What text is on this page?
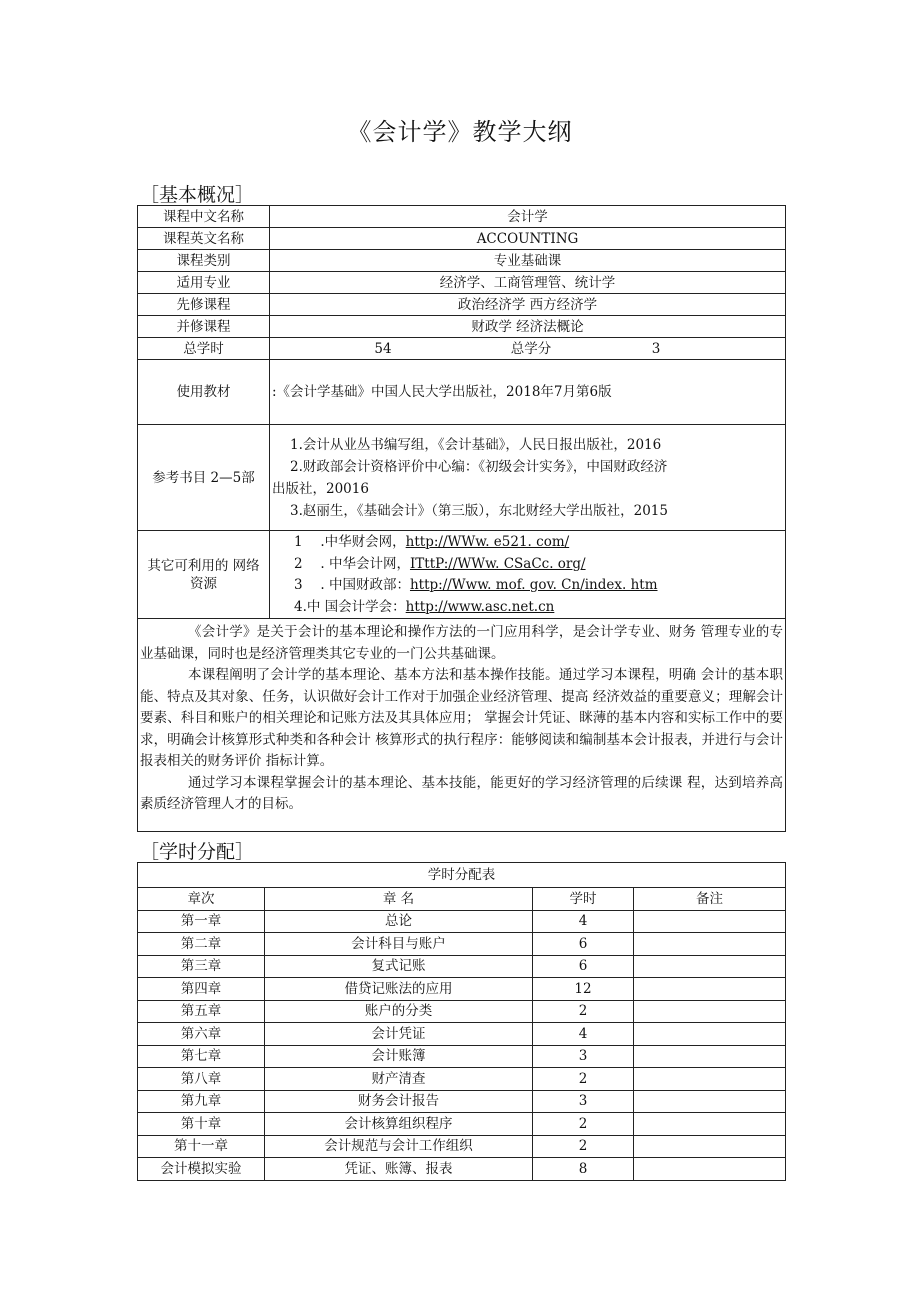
《会计学》教学大纲
［基本概况］
课程中文名称	会计学
课程英文名称	ACCOUNTING
课程类别	专业基础课
适用专业	经济学、工商管理管、统计学
先修课程	政治经济学 西方经济学
并修课程	财政学 经济法概论
总学时	54 总学分 3

使用教材	:《会计学基础》中国人民大学出版社，2018年7月第6版
参考书目 2—5部	1.会计从业丛书编写组，《会计基础》，人民日报出版社，2016
2.财政部会计资格评价中心编：《初级会计实务》，中国财政经济
出版社，20016
3.赵丽生，《基础会计》（第三版），东北财经大学出版社，2015

其它可利用的 网络资源	1 　.中华财会网，http://WWw. e521. com/
2 　. 中华会计网，ITttP://WWw. CSaCc. org/
3 　. 中国财政部：http://Www. mof. gov. Cn/index. htm
4.中 国会计学会：http://www.asc.net.cn

《会计学》是关于会计的基本理论和操作方法的一门应用科学，是会计学专业、财务 管理专业的专业基础课，同时也是经济管理类其它专业的一门公共基础课。

本课程阐明了会计学的基本理论、基本方法和基本操作技能。通过学习本课程，明确 会计的基本职能、特点及其对象、任务，认识做好会计工作对于加强企业经济管理、提高 经济效益的重要意义；理解会计要素、科目和账户的相关理论和记账方法及其具体应用； 掌握会计凭证、眯薄的基本内容和实标工作中的要求，明确会计核算形式种类和各种会计 核算形式的执行程序：能够阅读和编制基本会计报表，并进行与会计报表相关的财务评价 指标计算。

通过学习本课程掌握会计的基本理论、基本技能，能更好的学习经济管理的后续课 程，达到培养高素质经济管理人才的目标。	

［学时分配］
学时分配表			
章次	章 名	学时	备注
第一章	总论	4	
第二章	会计科目与账户	6	
第三章	复式记账	6	
第四章	借贷记账法的应用	12	
第五章	账户的分类	2	
第六章	会计凭证	4	
第七章	会计账簿	3	
第八章	财产清查	2	
第九章	财务会计报告	3	
第十章	会计核算组织程序	2	
第十一章	会计规范与会计工作组织	2	
会计模拟实验	凭证、账簿、报表	8	
